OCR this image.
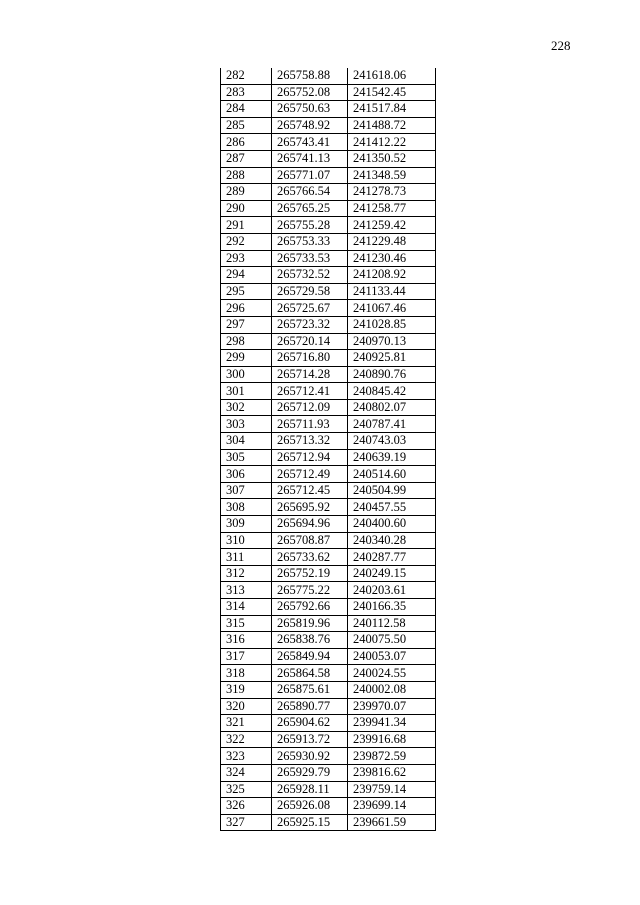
228
282	265758.88	241618.06
283	265752.08	241542.45
284	265750.63	241517.84
285	265748.92	241488.72
286	265743.41	241412.22
287	265741.13	241350.52
288	265771.07	241348.59
289	265766.54	241278.73
290	265765.25	241258.77
291	265755.28	241259.42
292	265753.33	241229.48
293	265733.53	241230.46
294	265732.52	241208.92
295	265729.58	241133.44
296	265725.67	241067.46
297	265723.32	241028.85
298	265720.14	240970.13
299	265716.80	240925.81
300	265714.28	240890.76
301	265712.41	240845.42
302	265712.09	240802.07
303	265711.93	240787.41
304	265713.32	240743.03
305	265712.94	240639.19
306	265712.49	240514.60
307	265712.45	240504.99
308	265695.92	240457.55
309	265694.96	240400.60
310	265708.87	240340.28
311	265733.62	240287.77
312	265752.19	240249.15
313	265775.22	240203.61
314	265792.66	240166.35
315	265819.96	240112.58
316	265838.76	240075.50
317	265849.94	240053.07
318	265864.58	240024.55
319	265875.61	240002.08
320	265890.77	239970.07
321	265904.62	239941.34
322	265913.72	239916.68
323	265930.92	239872.59
324	265929.79	239816.62
325	265928.11	239759.14
326	265926.08	239699.14
327	265925.15	239661.59
